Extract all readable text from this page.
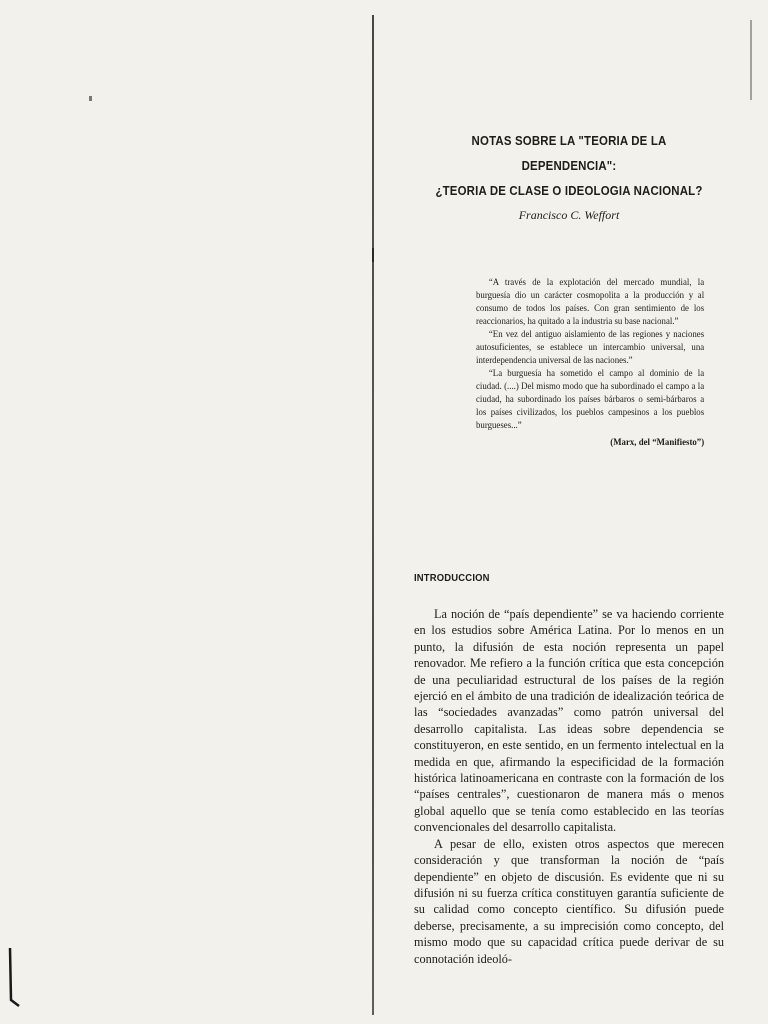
NOTAS SOBRE LA "TEORIA DE LA DEPENDENCIA":
¿TEORIA DE CLASE O IDEOLOGIA NACIONAL?
Francisco C. Weffort

“A través de la explotación del mercado mundial, la burguesía dio un carácter cosmopolita a la producción y al consumo de todos los países. Con gran sentimiento de los reaccionarios, ha quitado a la industria su base nacional.”

“En vez del antiguo aislamiento de las regiones y naciones autosuficientes, se establece un intercambio universal, una interdependencia universal de las naciones.”

“La burguesía ha sometido el campo al dominio de la ciudad. (....) Del mismo modo que ha subordinado el campo a la ciudad, ha subordinado los países bárbaros o semi-bárbaros a los países civilizados, los pueblos campesinos a los pueblos burgueses...”

(Marx, del “Manifiesto”)

INTRODUCCION

La noción de “país dependiente” se va haciendo corriente en los estudios sobre América Latina. Por lo menos en un punto, la difusión de esta noción representa un papel renovador. Me refiero a la función crítica que esta concepción de una peculiaridad estructural de los países de la región ejerció en el ámbito de una tradición de idealización teórica de las “sociedades avanzadas” como patrón universal del desarrollo capitalista. Las ideas sobre dependencia se constituyeron, en este sentido, en un fermento intelectual en la medida en que, afirmando la especificidad de la formación histórica latinoamericana en contraste con la formación de los “países centrales”, cuestionaron de manera más o menos global aquello que se tenía como establecido en las teorías convencionales del desarrollo capitalista.

A pesar de ello, existen otros aspectos que merecen consideración y que transforman la noción de “país dependiente” en objeto de discusión. Es evidente que ni su difusión ni su fuerza crítica constituyen garantía suficiente de su calidad como concepto científico. Su difusión puede deberse, precisamente, a su imprecisión como concepto, del mismo modo que su capacidad crítica puede derivar de su connotación ideoló-
